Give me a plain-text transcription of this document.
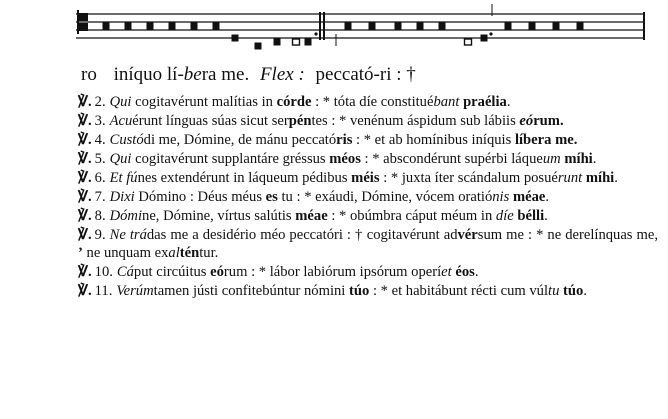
ro iníquo lí-bera me. Flex : peccató-ri : †
℣. 2. Qui cogitavérunt malítias in córde : * tóta díe constituébant praélia.
℣. 3. Acuérunt línguas súas sicut serpéntes : * venénum áspidum sub lábiis eórum.
℣. 4. Custódi me, Dómine, de mánu peccatóris : * et ab homínibus iníquis líbera me.
℣. 5. Qui cogitavérunt supplantáre gréssus méos : * abscondérunt supérbi láqueum míhi.
℣. 6. Et fúnes extendérunt in láqueum pédibus méis : * juxta íter scándalum posuérunt míhi.
℣. 7. Dixi Dómino : Déus méus es tu : * exáudi, Dómine, vócem oratiónis méae.
℣. 8. Dómine, Dómine, vírtus salútis méae : * obúmbra cáput méum in díe bélli.
℣. 9. Ne trádas me a desidério méo peccatóri : † cogitavérunt advérsum me : * ne derelínquas me, ’ ne unquam exalténtur.
℣. 10. Cáput circúitus eórum : * lábor labiórum ipsórum operíet éos.
℣. 11. Verúmtamen jústi confitebúntur nómini túo : * et habitábunt récti cum vúltu túo.
